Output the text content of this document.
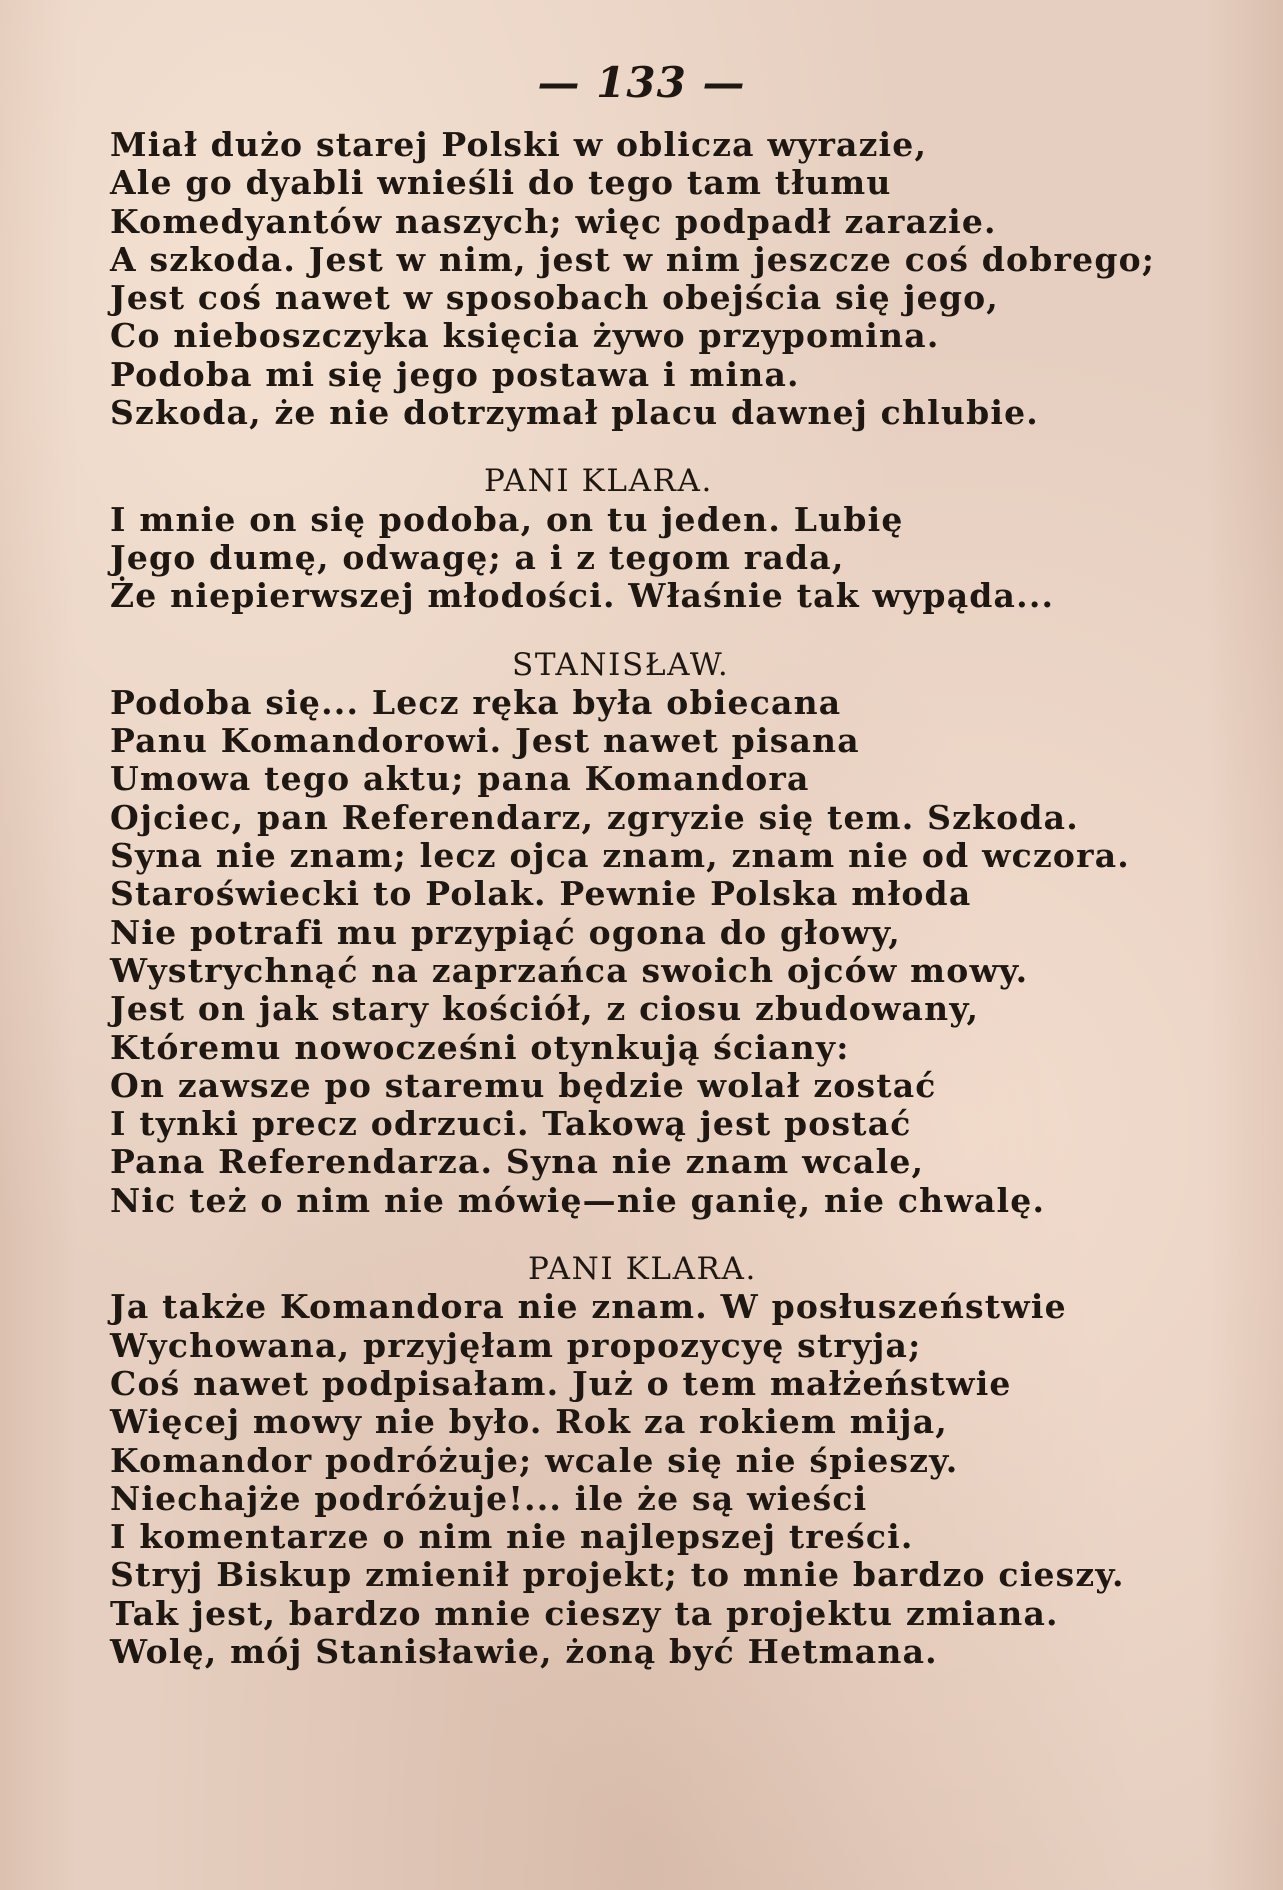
— 133 —
Miał dużo starej Polski w oblicza wyrazie,
Ale go dyabli wnieśli do tego tam tłumu
Komedyantów naszych; więc podpadł zarazie.
A szkoda. Jest w nim, jest w nim jeszcze coś dobrego;
Jest coś nawet w sposobach obejścia się jego,
Co nieboszczyka księcia żywo przypomina.
Podoba mi się jego postawa i mina.
Szkoda, że nie dotrzymał placu dawnej chlubie.
PANI KLARA.
I mnie on się podoba, on tu jeden. Lubię
Jego dumę, odwagę; a i z tegom rada,
Że niepierwszej młodości. Właśnie tak wypąda...
STANISŁAW.
Podoba się... Lecz ręka była obiecana
Panu Komandorowi. Jest nawet pisana
Umowa tego aktu; pana Komandora
Ojciec, pan Referendarz, zgryzie się tem. Szkoda.
Syna nie znam; lecz ojca znam, znam nie od wczora.
Staroświecki to Polak. Pewnie Polska młoda
Nie potrafi mu przypiąć ogona do głowy,
Wystrychnąć na zaprzańca swoich ojców mowy.
Jest on jak stary kościół, z ciosu zbudowany,
Któremu nowocześni otynkują ściany:
On zawsze po staremu będzie wolał zostać
I tynki precz odrzuci. Takową jest postać
Pana Referendarza. Syna nie znam wcale,
Nic też o nim nie mówię—nie ganię, nie chwalę.
PANI KLARA.
Ja także Komandora nie znam. W posłuszeństwie
Wychowana, przyjęłam propozycyę stryja;
Coś nawet podpisałam. Już o tem małżeństwie
Więcej mowy nie było. Rok za rokiem mija,
Komandor podróżuje; wcale się nie śpieszy.
Niechajże podróżuje!... ile że są wieści
I komentarze o nim nie najlepszej treści.
Stryj Biskup zmienił projekt; to mnie bardzo cieszy.
Tak jest, bardzo mnie cieszy ta projektu zmiana.
Wolę, mój Stanisławie, żoną być Hetmana.
